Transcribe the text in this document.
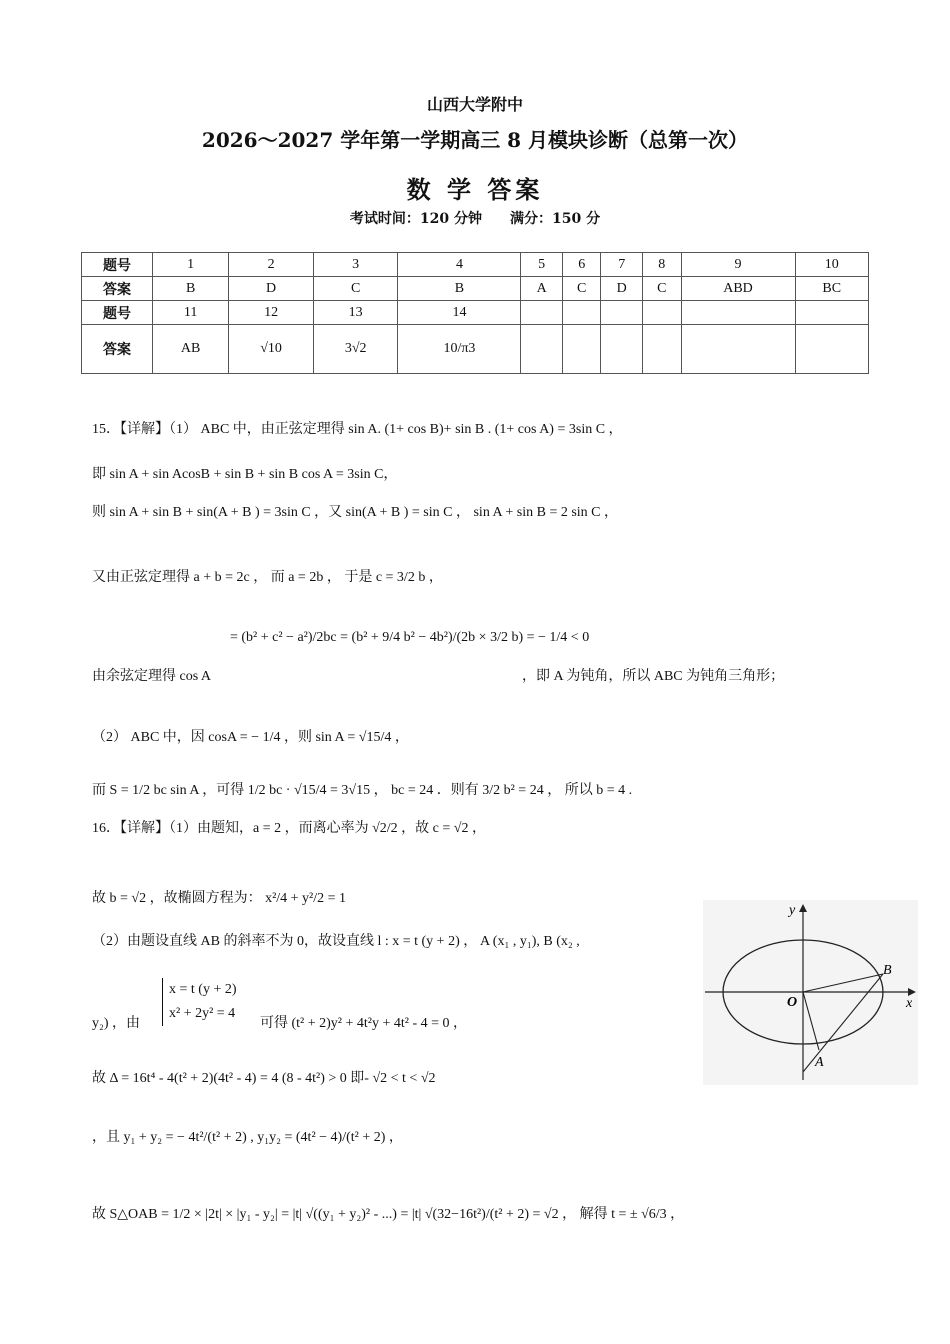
山西大学附中
2026～2027 学年第一学期高三 8 月模块诊断（总第一次）
数 学 答案
考试时间：120 分钟　　满分：150 分
题号	1	2	3	4	5	6	7	8	9	10
答案	B	D	C	B	A	C	D	C	ABD	BC
题号	11	12	13	14						
答案	AB	√10	3√2	10/π3						
15．【详解】（1） ABC 中，由正弦定理得 sin A. (1+ cos B)+ sin B . (1+ cos A) = 3sin C ，
即 sin A + sin AcosB + sin B + sin B cos A = 3sin C，
则 sin A + sin B + sin(A + B ) = 3sin C ，又 sin(A + B ) = sin C ， sin A + sin B = 2 sin C ，
又由正弦定理得 a + b = 2c ， 而 a = 2b ， 于是 c = 3/2 b ，
= (b² + c² − a²)/2bc = (b² + 9/4 b² − 4b²)/(2b × 3/2 b) = − 1/4 < 0
由余弦定理得 cos A	，即 A 为钝角，所以 ABC 为钝角三角形；
（2） ABC 中，因 cosA = − 1/4 ，则 sin A = √15/4 ，
而 S = 1/2 bc sin A ，可得 1/2 bc · √15/4 = 3√15 ， bc = 24 ．则有 3/2 b² = 24 ， 所以 b = 4 .
16．【详解】（1）由题知，a = 2 ，而离心率为 √2/2 ，故 c = √2 ，
故 b = √2 ，故椭圆方程为： x²/4 + y²/2 = 1
（2）由题设直线 AB 的斜率不为 0，故设直线 l : x = t (y + 2) ， A (x₁ , y₁), B (x₂ ,
y₂) ，由
x = t (y + 2)
x² + 2y² = 4
可得 (t² + 2)y² + 4t²y + 4t² - 4 = 0 ，
故 Δ = 16t⁴ - 4(t² + 2)(4t² - 4) = 4 (8 - 4t²) > 0 即- √2 < t < √2
，且 y₁ + y₂ = − 4t²/(t² + 2) , y₁y₂ = (4t² − 4)/(t² + 2) ，
故 S△OAB = 1/2 × |2t| × |y₁ - y₂| = |t| √((y₁ + y₂)² - ...) = |t| √(32−16t²)/(t² + 2) = √2 ， 解得 t = ± √6/3 ，
x
y
O
B
A
